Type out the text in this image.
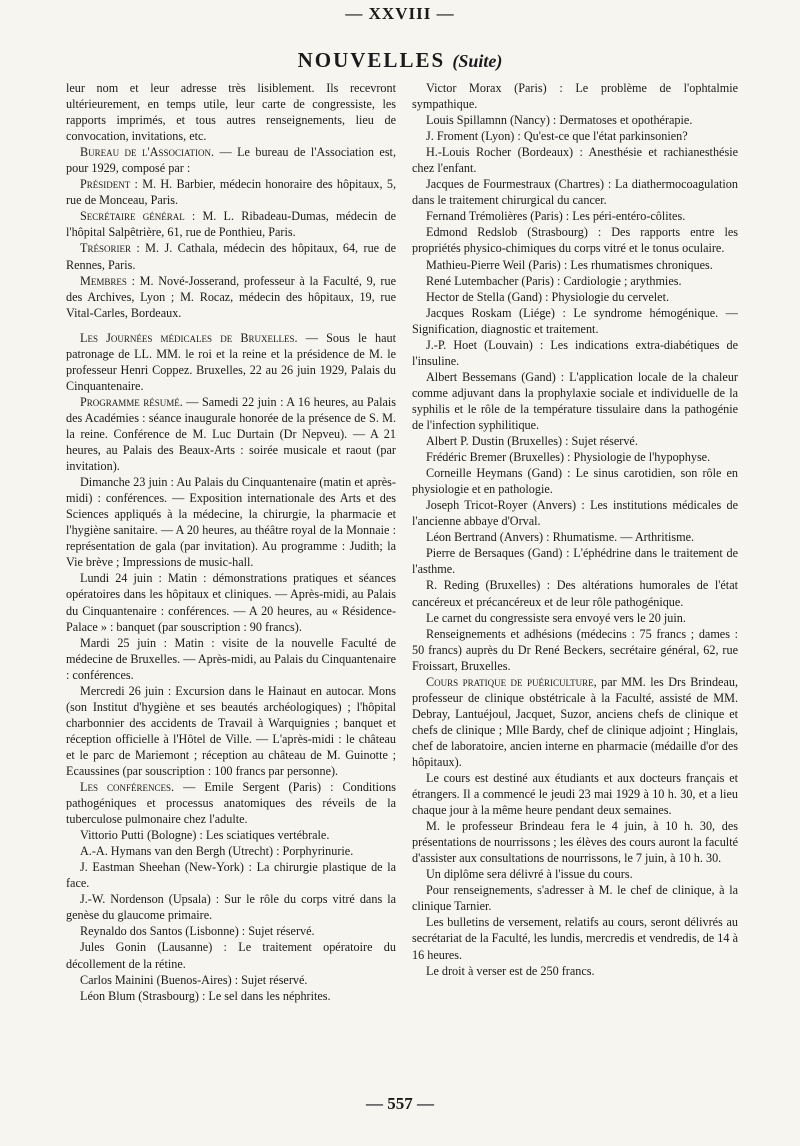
— XXVIII —
NOUVELLES (Suite)

leur nom et leur adresse très lisiblement. Ils recevront ultérieurement, en temps utile, leur carte de congressiste, les rapports imprimés, et tous autres renseignements, lieu de convocation, invitations, etc.

Bureau de l'Association. — Le bureau de l'Association est, pour 1929, composé par :

Président : M. H. Barbier, médecin honoraire des hôpitaux, 5, rue de Monceau, Paris.

Secrétaire général : M. L. Ribadeau-Dumas, médecin de l'hôpital Salpêtrière, 61, rue de Ponthieu, Paris.

Trésorier : M. J. Cathala, médecin des hôpitaux, 64, rue de Rennes, Paris.

Membres : M. Nové-Josserand, professeur à la Faculté, 9, rue des Archives, Lyon ; M. Rocaz, médecin des hôpitaux, 19, rue Vital-Carles, Bordeaux.

Les Journées médicales de Bruxelles. — Sous le haut patronage de LL. MM. le roi et la reine et la présidence de M. le professeur Henri Coppez. Bruxelles, 22 au 26 juin 1929, Palais du Cinquantenaire.

Programme résumé. — Samedi 22 juin : A 16 heures, au Palais des Académies : séance inaugurale honorée de la présence de S. M. la reine. Conférence de M. Luc Durtain (Dr Nepveu). — A 21 heures, au Palais des Beaux-Arts : soirée musicale et raout (par invitation).

Dimanche 23 juin : Au Palais du Cinquantenaire (matin et après-midi) : conférences. — Exposition internationale des Arts et des Sciences appliqués à la médecine, la chirurgie, la pharmacie et l'hygiène sanitaire. — A 20 heures, au théâtre royal de la Monnaie : représentation de gala (par invitation). Au programme : Judith; la Vie brève ; Impressions de music-hall.

Lundi 24 juin : Matin : démonstrations pratiques et séances opératoires dans les hôpitaux et cliniques. — Après-midi, au Palais du Cinquantenaire : conférences. — A 20 heures, au « Résidence-Palace » : banquet (par souscription : 90 francs).

Mardi 25 juin : Matin : visite de la nouvelle Faculté de médecine de Bruxelles. — Après-midi, au Palais du Cinquantenaire : conférences.

Mercredi 26 juin : Excursion dans le Hainaut en autocar. Mons (son Institut d'hygiène et ses beautés archéologiques) ; l'hôpital charbonnier des accidents de Travail à Warquignies ; banquet et réception officielle à l'Hôtel de Ville. — L'après-midi : le château et le parc de Mariemont ; réception au château de M. Guinotte ; Ecaussines (par souscription : 100 francs par personne).

Les conférences. — Emile Sergent (Paris) : Conditions pathogéniques et processus anatomiques des réveils de la tuberculose pulmonaire chez l'adulte.

Vittorio Putti (Bologne) : Les sciatiques vertébrale.

A.-A. Hymans van den Bergh (Utrecht) : Porphyrinurie.

J. Eastman Sheehan (New-York) : La chirurgie plastique de la face.

J.-W. Nordenson (Upsala) : Sur le rôle du corps vitré dans la genèse du glaucome primaire.

Reynaldo dos Santos (Lisbonne) : Sujet réservé.

Jules Gonin (Lausanne) : Le traitement opératoire du décollement de la rétine.

Carlos Mainini (Buenos-Aires) : Sujet réservé.

Léon Blum (Strasbourg) : Le sel dans les néphrites.

Victor Morax (Paris) : Le problème de l'ophtalmie sympathique.

Louis Spillamnn (Nancy) : Dermatoses et opothérapie.

J. Froment (Lyon) : Qu'est-ce que l'état parkinsonien?

H.-Louis Rocher (Bordeaux) : Anesthésie et rachianesthésie chez l'enfant.

Jacques de Fourmestraux (Chartres) : La diathermocoagulation dans le traitement chirurgical du cancer.

Fernand Trémolières (Paris) : Les péri-entéro-côlites.

Edmond Redslob (Strasbourg) : Des rapports entre les propriétés physico-chimiques du corps vitré et le tonus oculaire.

Mathieu-Pierre Weil (Paris) : Les rhumatismes chroniques.

René Lutembacher (Paris) : Cardiologie ; arythmies.

Hector de Stella (Gand) : Physiologie du cervelet.

Jacques Roskam (Liége) : Le syndrome hémogénique. — Signification, diagnostic et traitement.

J.-P. Hoet (Louvain) : Les indications extra-diabétiques de l'insuline.

Albert Bessemans (Gand) : L'application locale de la chaleur comme adjuvant dans la prophylaxie sociale et individuelle de la syphilis et le rôle de la température tissulaire dans la pathogénie de l'infection syphilitique.

Albert P. Dustin (Bruxelles) : Sujet réservé.

Frédéric Bremer (Bruxelles) : Physiologie de l'hypophyse.

Corneille Heymans (Gand) : Le sinus carotidien, son rôle en physiologie et en pathologie.

Joseph Tricot-Royer (Anvers) : Les institutions médicales de l'ancienne abbaye d'Orval.

Léon Bertrand (Anvers) : Rhumatisme. — Arthritisme.

Pierre de Bersaques (Gand) : L'éphédrine dans le traitement de l'asthme.

R. Reding (Bruxelles) : Des altérations humorales de l'état cancéreux et précancéreux et de leur rôle pathogénique.

Le carnet du congressiste sera envoyé vers le 20 juin.

Renseignements et adhésions (médecins : 75 francs ; dames : 50 francs) auprès du Dr René Beckers, secrétaire général, 62, rue Froissart, Bruxelles.

Cours pratique de puériculture, par MM. les Drs Brindeau, professeur de clinique obstétricale à la Faculté, assisté de MM. Debray, Lantuéjoul, Jacquet, Suzor, anciens chefs de clinique et chefs de clinique ; Mlle Bardy, chef de clinique adjoint ; Hinglais, chef de laboratoire, ancien interne en pharmacie (médaille d'or des hôpitaux).

Le cours est destiné aux étudiants et aux docteurs français et étrangers. Il a commencé le jeudi 23 mai 1929 à 10 h. 30, et a lieu chaque jour à la même heure pendant deux semaines.

M. le professeur Brindeau fera le 4 juin, à 10 h. 30, des présentations de nourrissons ; les élèves des cours auront la faculté d'assister aux consultations de nourrissons, le 7 juin, à 10 h. 30.

Un diplôme sera délivré à l'issue du cours.

Pour renseignements, s'adresser à M. le chef de clinique, à la clinique Tarnier.

Les bulletins de versement, relatifs au cours, seront délivrés au secrétariat de la Faculté, les lundis, mercredis et vendredis, de 14 à 16 heures.

Le droit à verser est de 250 francs.

— 557 —
